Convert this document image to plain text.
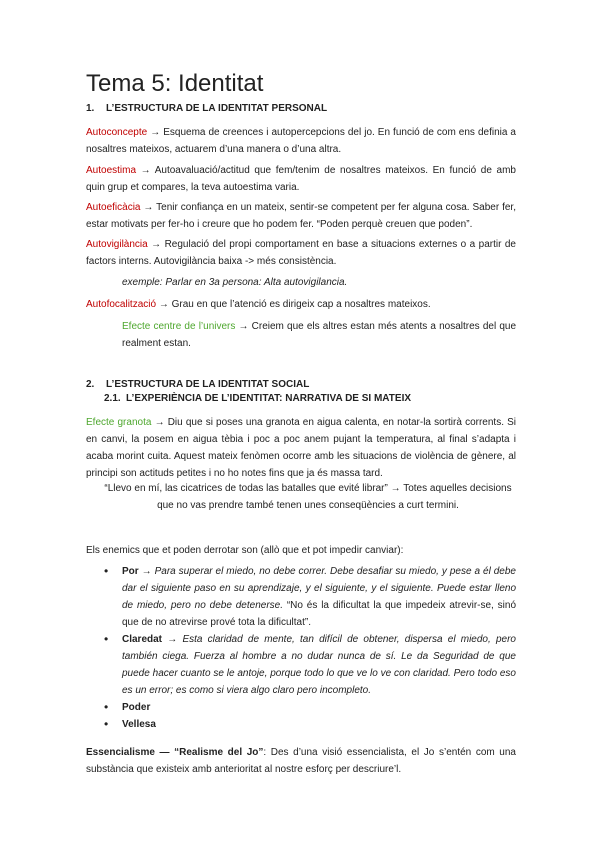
Tema 5: Identitat
1. L’ESTRUCTURA DE LA IDENTITAT PERSONAL
Autoconcepte → Esquema de creences i autopercepcions del jo. En funció de com ens definia a nosaltres mateixos, actuarem d’una manera o d’una altra.
Autoestima → Autoavaluació/actitud que fem/tenim de nosaltres mateixos. En funció de amb quin grup et compares, la teva autoestima varia.
Autoeficàcia → Tenir confiança en un mateix, sentir-se competent per fer alguna cosa. Saber fer, estar motivats per fer-ho i creure que ho podem fer. “Poden perquè creuen que poden”.
Autovigilància → Regulació del propi comportament en base a situacions externes o a partir de factors interns. Autovigilància baixa -> més consistència.
exemple: Parlar en 3a persona: Alta autovigilancia.
Autofocalització → Grau en que l’atenció es dirigeix cap a nosaltres mateixos.
Efecte centre de l’univers → Creiem que els altres estan més atents a nosaltres del que realment estan.
2. L’ESTRUCTURA DE LA IDENTITAT SOCIAL
2.1. L’EXPERIÈNCIA DE L’IDENTITAT: NARRATIVA DE SI MATEIX
Efecte granota → Diu que si poses una granota en aigua calenta, en notar-la sortirà corrents. Si en canvi, la posem en aigua tèbia i poc a poc anem pujant la temperatura, al final s’adapta i acaba morint cuita. Aquest mateix fenòmen ocorre amb les situacions de violència de gènere, al principi son actituds petites i no ho notes fins que ja és massa tard.
“Llevo en mí, las cicatrices de todas las batalles que evité librar” → Totes aquelles decisions que no vas prendre també tenen unes conseqüències a curt termini.
Els enemics que et poden derrotar son (allò que et pot impedir canviar):
• Por → Para superar el miedo, no debe correr. Debe desafiar su miedo, y pese a él debe dar el siguiente paso en su aprendizaje, y el siguiente, y el siguiente. Puede estar lleno de miedo, pero no debe detenerse. “No és la dificultat la que impedeix atrevir-se, sinó que de no atrevirse prové tota la dificultat”.
• Claredat → Esta claridad de mente, tan difícil de obtener, dispersa el miedo, pero también ciega. Fuerza al hombre a no dudar nunca de sí. Le da Seguridad de que puede hacer cuanto se le antoje, porque todo lo que ve lo ve con claridad. Pero todo eso es un error; es como si viera algo claro pero incompleto.
• Poder
• Vellesa
Essencialisme — “Realisme del Jo”: Des d’una visió essencialista, el Jo s’entén com una substància que existeix amb anterioritat al nostre esforç per descriure’l.
